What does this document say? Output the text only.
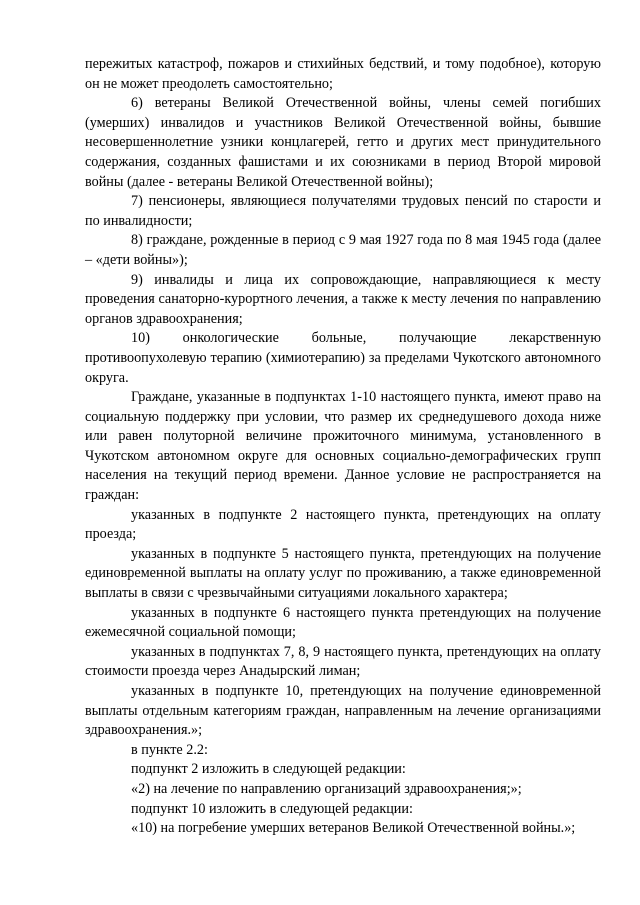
пережитых катастроф, пожаров и стихийных бедствий, и тому подобное), которую он не может преодолеть самостоятельно;

6) ветераны Великой Отечественной войны, члены семей погибших (умерших) инвалидов и участников Великой Отечественной войны, бывшие несовершеннолетние узники концлагерей, гетто и других мест принудительного содержания, созданных фашистами и их союзниками в период Второй мировой войны (далее - ветераны Великой Отечественной войны);

7) пенсионеры, являющиеся получателями трудовых пенсий по старости и по инвалидности;

8) граждане, рожденные в период с 9 мая 1927 года по 8 мая 1945 года (далее – «дети войны»);

9) инвалиды и лица их сопровождающие, направляющиеся к месту проведения санаторно-курортного лечения, а также к месту лечения по направлению органов здравоохранения;

10) онкологические больные, получающие лекарственную противоопухолевую терапию (химиотерапию) за пределами Чукотского автономного округа.

Граждане, указанные в подпунктах 1-10 настоящего пункта, имеют право на социальную поддержку при условии, что размер их среднедушевого дохода ниже или равен полуторной величине прожиточного минимума, установленного в Чукотском автономном округе для основных социально-демографических групп населения на текущий период времени. Данное условие не распространяется на граждан:

указанных в подпункте 2 настоящего пункта, претендующих на оплату проезда;

указанных в подпункте 5 настоящего пункта, претендующих на получение единовременной выплаты на оплату услуг по проживанию, а также единовременной выплаты в связи с чрезвычайными ситуациями локального характера;

указанных в подпункте 6 настоящего пункта претендующих на получение ежемесячной социальной помощи;

указанных в подпунктах 7, 8, 9 настоящего пункта, претендующих на оплату стоимости проезда через Анадырский лиман;

указанных в подпункте 10, претендующих на получение единовременной выплаты отдельным категориям граждан, направленным на лечение организациями здравоохранения.»;

в пункте 2.2:

подпункт 2 изложить в следующей редакции:

«2) на лечение по направлению организаций здравоохранения;»;

подпункт 10 изложить в следующей редакции:

«10) на погребение умерших ветеранов Великой Отечественной войны.»;
